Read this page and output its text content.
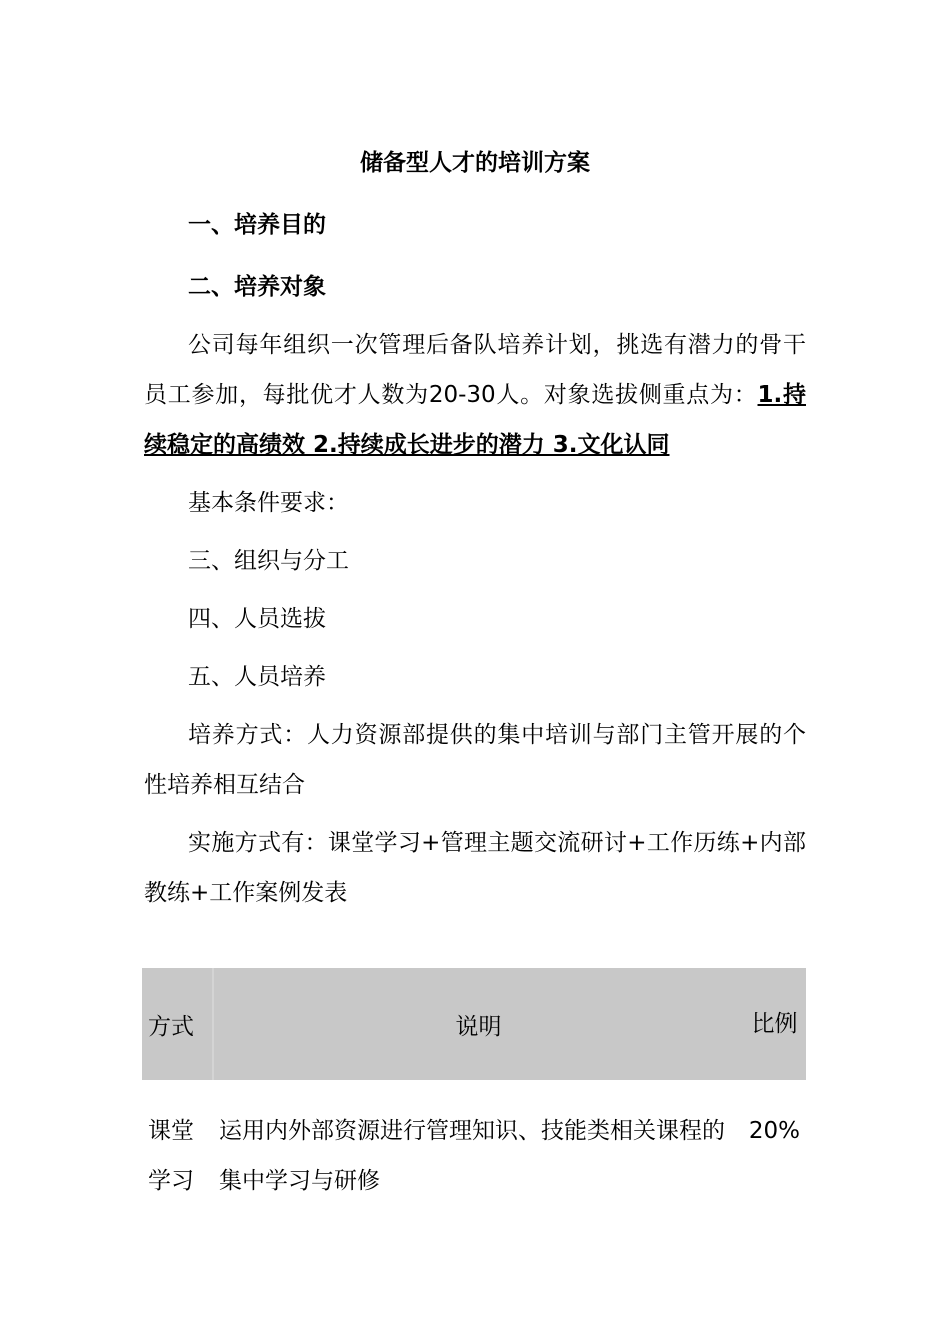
储备型人才的培训方案

一、培养目的

二、培养对象

公司每年组织一次管理后备队培养计划，挑选有潜力的骨干员工参加，每批优才人数为20-30人。对象选拔侧重点为：1.持续稳定的高绩效 2.持续成长进步的潜力 3.文化认同

基本条件要求：

三、组织与分工

四、人员选拔

五、人员培养

培养方式：人力资源部提供的集中培训与部门主管开展的个性培养相互结合

实施方式有：课堂学习+管理主题交流研讨+工作历练+内部教练+工作案例发表

方式	说明	比例
课堂学习	运用内外部资源进行管理知识、技能类相关课程的集中学习与研修	20%
